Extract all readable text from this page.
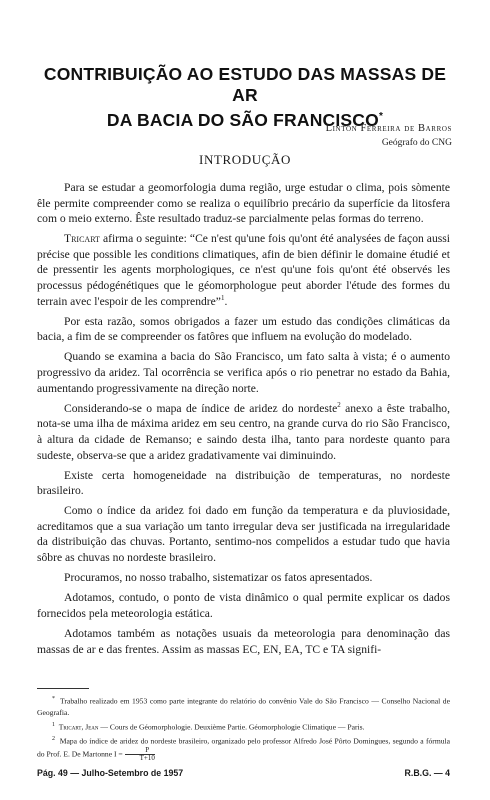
CONTRIBUIÇÃO AO ESTUDO DAS MASSAS DE AR
DA BACIA DO SÃO FRANCISCO*
Linton Ferreira de Barros
Geógrafo do CNG
INTRODUÇÃO

Para se estudar a geomorfologia duma região, urge estudar o clima, pois sòmente êle permite compreender como se realiza o equilíbrio precário da superfície da litosfera com o meio externo. Êste resultado traduz-se parcialmente pelas formas do terreno.

Tricart afirma o seguinte: “Ce n'est qu'une fois qu'ont été analysées de façon aussi précise que possible les conditions climatiques, afin de bien définir le domaine étudié et de pressentir les agents morphologiques, ce n'est qu'une fois qu'ont été observés les processus pédogénétiques que le géomorphologue peut aborder l'étude des formes du terrain avec l'espoir de les comprendre”$^1$.

Por esta razão, somos obrigados a fazer um estudo das condições climáticas da bacia, a fim de se compreender os fatôres que influem na evolução do modelado.

Quando se examina a bacia do São Francisco, um fato salta à vista; é o aumento progressivo da aridez. Tal ocorrência se verifica após o rio penetrar no estado da Bahia, aumentando progressivamente na direção norte.

Considerando-se o mapa de índice de aridez do nordeste$^2$ anexo a êste trabalho, nota-se uma ilha de máxima aridez em seu centro, na grande curva do rio São Francisco, à altura da cidade de Remanso; e saindo desta ilha, tanto para nordeste quanto para sudeste, observa-se que a aridez gradativamente vai diminuindo.

Existe certa homogeneidade na distribuição de temperaturas, no nordeste brasileiro.

Como o índice da aridez foi dado em função da temperatura e da pluviosidade, acreditamos que a sua variação um tanto irregular deva ser justificada na irregularidade da distribuição das chuvas. Portanto, sentimo-nos compelidos a estudar tudo que havia sôbre as chuvas no nordeste brasileiro.

Procuramos, no nosso trabalho, sistematizar os fatos apresentados.

Adotamos, contudo, o ponto de vista dinâmico o qual permite explicar os dados fornecidos pela meteorologia estática.

Adotamos também as notações usuais da meteorologia para denominação das massas de ar e das frentes. Assim as massas EC, EN, EA, TC e TA signifi-

* Trabalho realizado em 1953 como parte integrante do relatório do convênio Vale do São Francisco — Conselho Nacional de Geografia.

$^1$ Tricart, Jean — Cours de Géomorphologie. Deuxième Partie. Géomorphologie Climatique — Paris.

$^2$ Mapa do índice de aridez do nordeste brasileiro, organizado pelo professor Alfredo José Pôrto Domingues, segundo a fórmula do Prof. E. De Martonne $I = \frac{P}{T+10}$

Pág. 49 — Julho-Setembro de 1957	R.B.G. — 4
